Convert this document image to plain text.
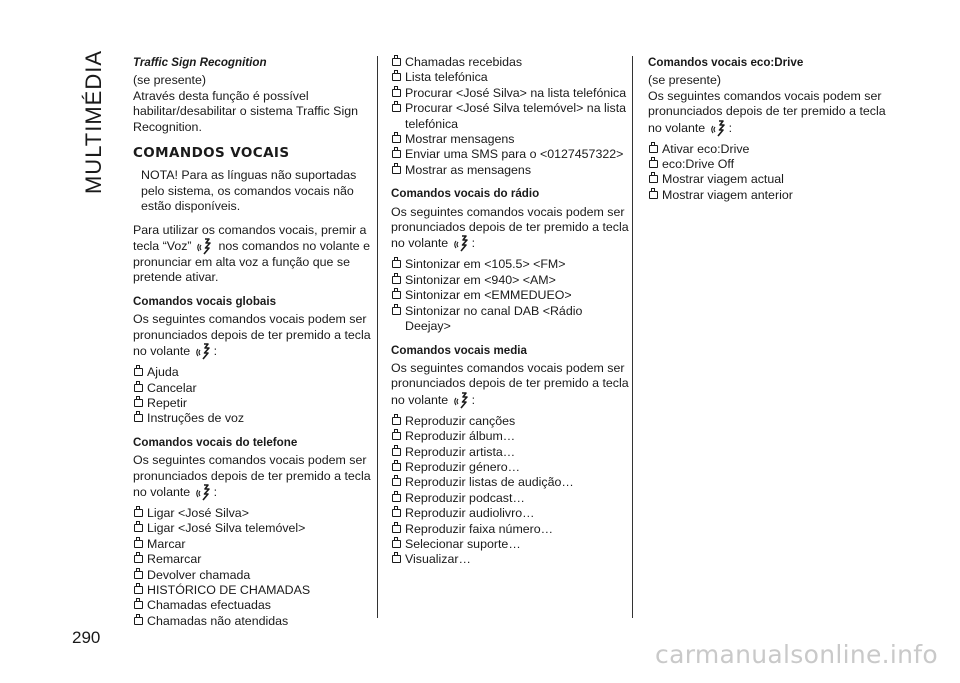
MULTIMÉDIA
290
Traffic Sign Recognition

(se presente)

Através desta função é possível habilitar/desabilitar o sistema Traffic Sign Recognition.

COMANDOS VOCAIS

NOTA! Para as línguas não suportadas pelo sistema, os comandos vocais não estão disponíveis.

Para utilizar os comandos vocais, premir a tecla “Voz” nos comandos no volante e pronunciar em alta voz a função que se pretende ativar.

Comandos vocais globais

Os seguintes comandos vocais podem ser pronunciados depois de ter premido a tecla no volante :

Ajuda
Cancelar
Repetir
Instruções de voz
Comandos vocais do telefone

Os seguintes comandos vocais podem ser pronunciados depois de ter premido a tecla no volante :

Ligar <José Silva>
Ligar <José Silva telemóvel>
Marcar
Remarcar
Devolver chamada
HISTÓRICO DE CHAMADAS
Chamadas efectuadas
Chamadas não atendidas
Chamadas recebidas
Lista telefónica
Procurar <José Silva> na lista telefónica
Procurar <José Silva telemóvel> na lista telefónica
Mostrar mensagens
Enviar uma SMS para o <0127457322>
Mostrar as mensagens
Comandos vocais do rádio

Os seguintes comandos vocais podem ser pronunciados depois de ter premido a tecla no volante :

Sintonizar em <105.5> <FM>
Sintonizar em <940> <AM>
Sintonizar em <EMMEDUEO>
Sintonizar no canal DAB <Rádio Deejay>
Comandos vocais media

Os seguintes comandos vocais podem ser pronunciados depois de ter premido a tecla no volante :

Reproduzir canções
Reproduzir álbum…
Reproduzir artista…
Reproduzir género…
Reproduzir listas de audição…
Reproduzir podcast…
Reproduzir audiolivro…
Reproduzir faixa número…
Selecionar suporte…
Visualizar…
Comandos vocais eco:Drive

(se presente)

Os seguintes comandos vocais podem ser pronunciados depois de ter premido a tecla no volante :

Ativar eco:Drive
eco:Drive Off
Mostrar viagem actual
Mostrar viagem anterior
carmanualsonline.info
